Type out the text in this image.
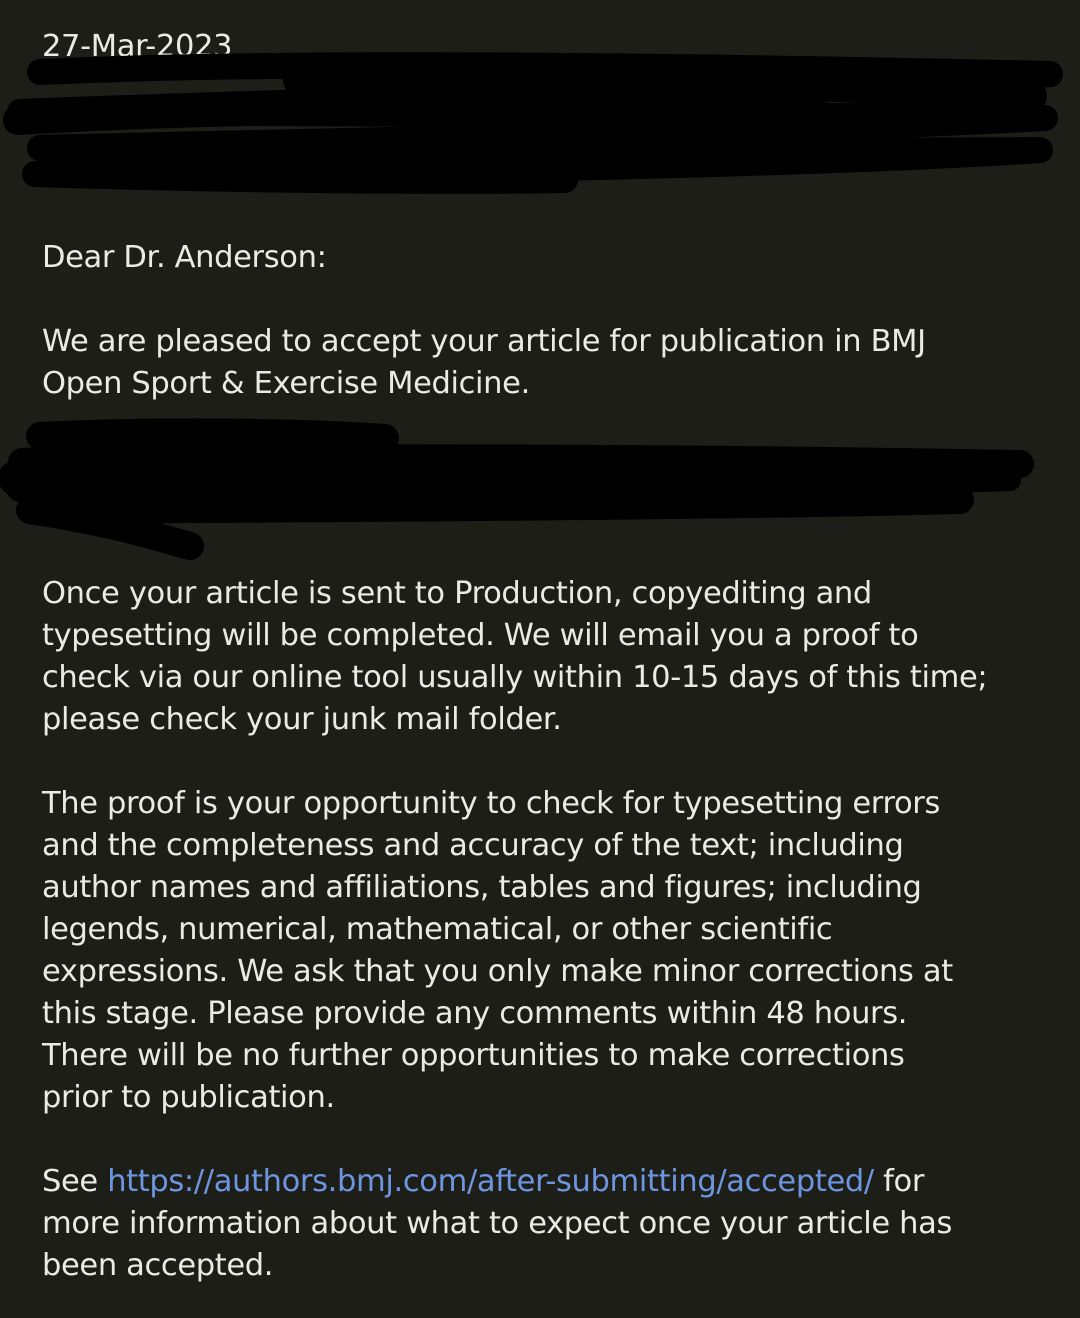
27-Mar-2023
Dear Dr. Anderson:
We are pleased to accept your article for publication in BMJ
Open Sport & Exercise Medicine.
Once your article is sent to Production, copyediting and
typesetting will be completed. We will email you a proof to
check via our online tool usually within 10-15 days of this time;
please check your junk mail folder.
The proof is your opportunity to check for typesetting errors
and the completeness and accuracy of the text; including
author names and affiliations, tables and figures; including
legends, numerical, mathematical, or other scientific
expressions. We ask that you only make minor corrections at
this stage. Please provide any comments within 48 hours.
There will be no further opportunities to make corrections
prior to publication.
See https://authors.bmj.com/after-submitting/accepted/ for
more information about what to expect once your article has
been accepted.
